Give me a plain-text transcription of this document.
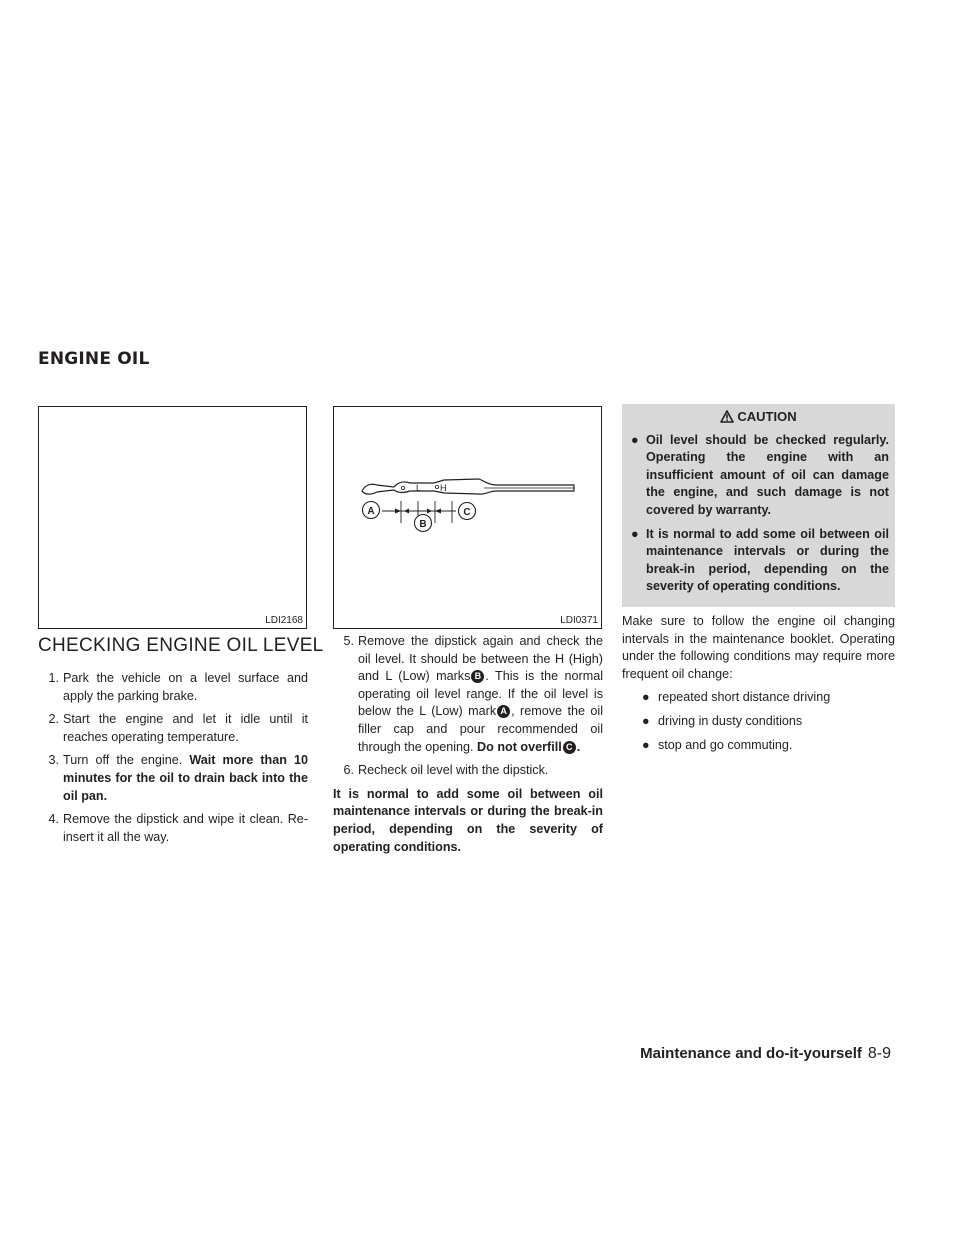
ENGINE OIL
LDI2168
L H
A
B
C
LDI0371
CHECKING ENGINE OIL LEVEL
1. Park the vehicle on a level surface and apply the parking brake.
2. Start the engine and let it idle until it reaches operating temperature.
3. Turn off the engine. Wait more than 10 minutes for the oil to drain back into the oil pan.
4. Remove the dipstick and wipe it clean. Re-insert it all the way.
5. Remove the dipstick again and check the oil level. It should be between the H (High) and L (Low) marks B . This is the normal operating oil level range. If the oil level is below the L (Low) mark A , remove the oil filler cap and pour recommended oil through the opening. Do not overfill C .
6. Recheck oil level with the dipstick.
It is normal to add some oil between oil maintenance intervals or during the break-in period, depending on the severity of operating conditions.
CAUTION
● Oil level should be checked regularly. Operating the engine with an insufficient amount of oil can damage the engine, and such damage is not covered by warranty.
● It is normal to add some oil between oil maintenance intervals or during the break-in period, depending on the severity of operating conditions.
Make sure to follow the engine oil changing intervals in the maintenance booklet. Operating under the following conditions may require more frequent oil change:
● repeated short distance driving
● driving in dusty conditions
● stop and go commuting.
Maintenance and do-it-yourself 8-9
